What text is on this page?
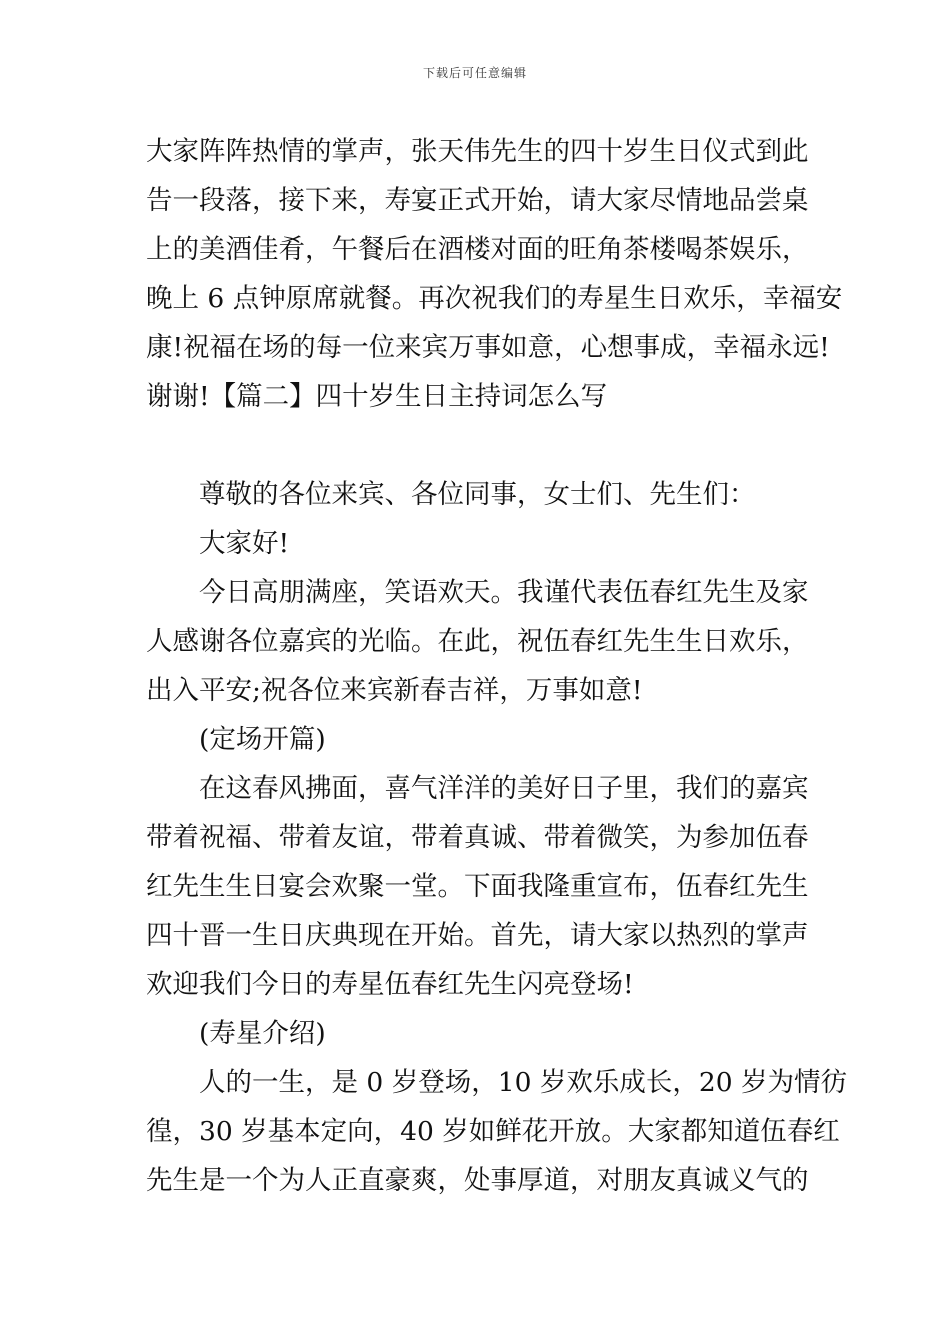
下载后可任意编辑
大家阵阵热情的掌声，张天伟先生的四十岁生日仪式到此
告一段落，接下来，寿宴正式开始，请大家尽情地品尝桌
上的美酒佳肴，午餐后在酒楼对面的旺角茶楼喝茶娱乐，
晚上 6 点钟原席就餐。再次祝我们的寿星生日欢乐，幸福安
康!祝福在场的每一位来宾万事如意，心想事成，幸福永远!
谢谢!【篇二】四十岁生日主持词怎么写
尊敬的各位来宾、各位同事，女士们、先生们：
大家好!
今日高朋满座，笑语欢天。我谨代表伍春红先生及家
人感谢各位嘉宾的光临。在此，祝伍春红先生生日欢乐，
出入平安;祝各位来宾新春吉祥，万事如意!
(定场开篇)
在这春风拂面，喜气洋洋的美好日子里，我们的嘉宾
带着祝福、带着友谊，带着真诚、带着微笑，为参加伍春
红先生生日宴会欢聚一堂。下面我隆重宣布，伍春红先生
四十晋一生日庆典现在开始。首先，请大家以热烈的掌声
欢迎我们今日的寿星伍春红先生闪亮登场!
(寿星介绍)
人的一生，是 0 岁登场，10 岁欢乐成长，20 岁为情彷
徨，30 岁基本定向，40 岁如鲜花开放。大家都知道伍春红
先生是一个为人正直豪爽，处事厚道，对朋友真诚义气的
